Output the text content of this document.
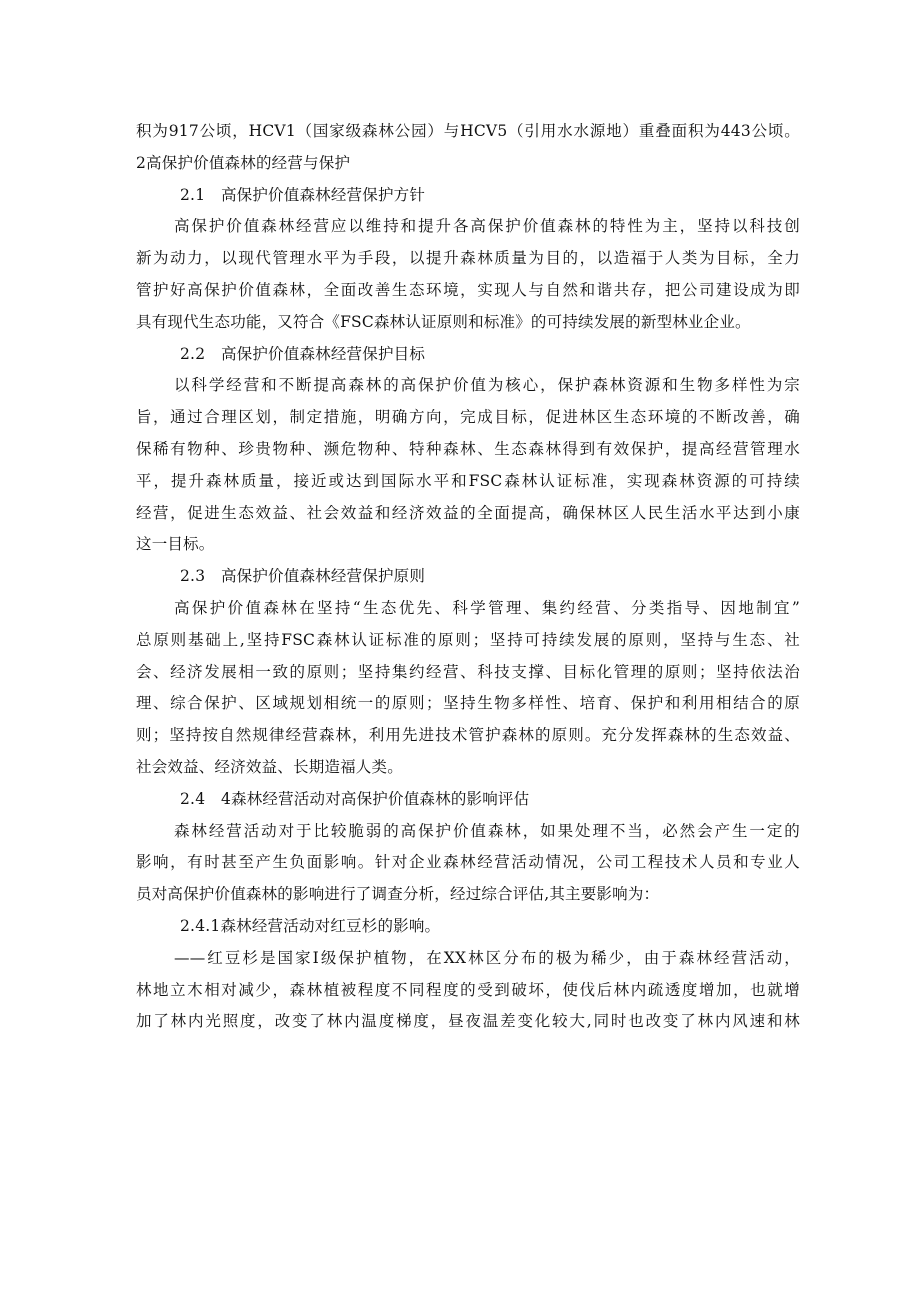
积为917公顷，HCV1（国家级森林公园）与HCV5（引用水水源地）重叠面积为443公顷。
2高保护价值森林的经营与保护
2.1　高保护价值森林经营保护方针
高保护价值森林经营应以维持和提升各高保护价值森林的特性为主，坚持以科技创
新为动力，以现代管理水平为手段，以提升森林质量为目的，以造福于人类为目标，全力
管护好高保护价值森林，全面改善生态环境，实现人与自然和谐共存，把公司建设成为即
具有现代生态功能，又符合《FSC森林认证原则和标准》的可持续发展的新型林业企业。
2.2　高保护价值森林经营保护目标
以科学经营和不断提高森林的高保护价值为核心，保护森林资源和生物多样性为宗
旨，通过合理区划，制定措施，明确方向，完成目标，促进林区生态环境的不断改善，确
保稀有物种、珍贵物种、濒危物种、特种森林、生态森林得到有效保护，提高经营管理水
平，提升森林质量，接近或达到国际水平和FSC森林认证标准，实现森林资源的可持续
经营，促进生态效益、社会效益和经济效益的全面提高，确保林区人民生活水平达到小康
这一目标。
2.3　高保护价值森林经营保护原则
高保护价值森林在坚持“生态优先、科学管理、集约经营、分类指导、因地制宜”
总原则基础上,坚持FSC森林认证标准的原则；坚持可持续发展的原则，坚持与生态、社
会、经济发展相一致的原则；坚持集约经营、科技支撑、目标化管理的原则；坚持依法治
理、综合保护、区域规划相统一的原则；坚持生物多样性、培育、保护和利用相结合的原
则；坚持按自然规律经营森林，利用先进技术管护森林的原则。充分发挥森林的生态效益、
社会效益、经济效益、长期造福人类。
2.4　4森林经营活动对高保护价值森林的影响评估
森林经营活动对于比较脆弱的高保护价值森林，如果处理不当，必然会产生一定的
影响，有时甚至产生负面影响。针对企业森林经营活动情况，公司工程技术人员和专业人
员对高保护价值森林的影响进行了调查分析，经过综合评估,其主要影响为：
2.4.1森林经营活动对红豆杉的影响。
——红豆杉是国家Ⅰ级保护植物，在XX林区分布的极为稀少，由于森林经营活动，
林地立木相对减少，森林植被程度不同程度的受到破坏，使伐后林内疏透度增加，也就增
加了林内光照度，改变了林内温度梯度，昼夜温差变化较大,同时也改变了林内风速和林
